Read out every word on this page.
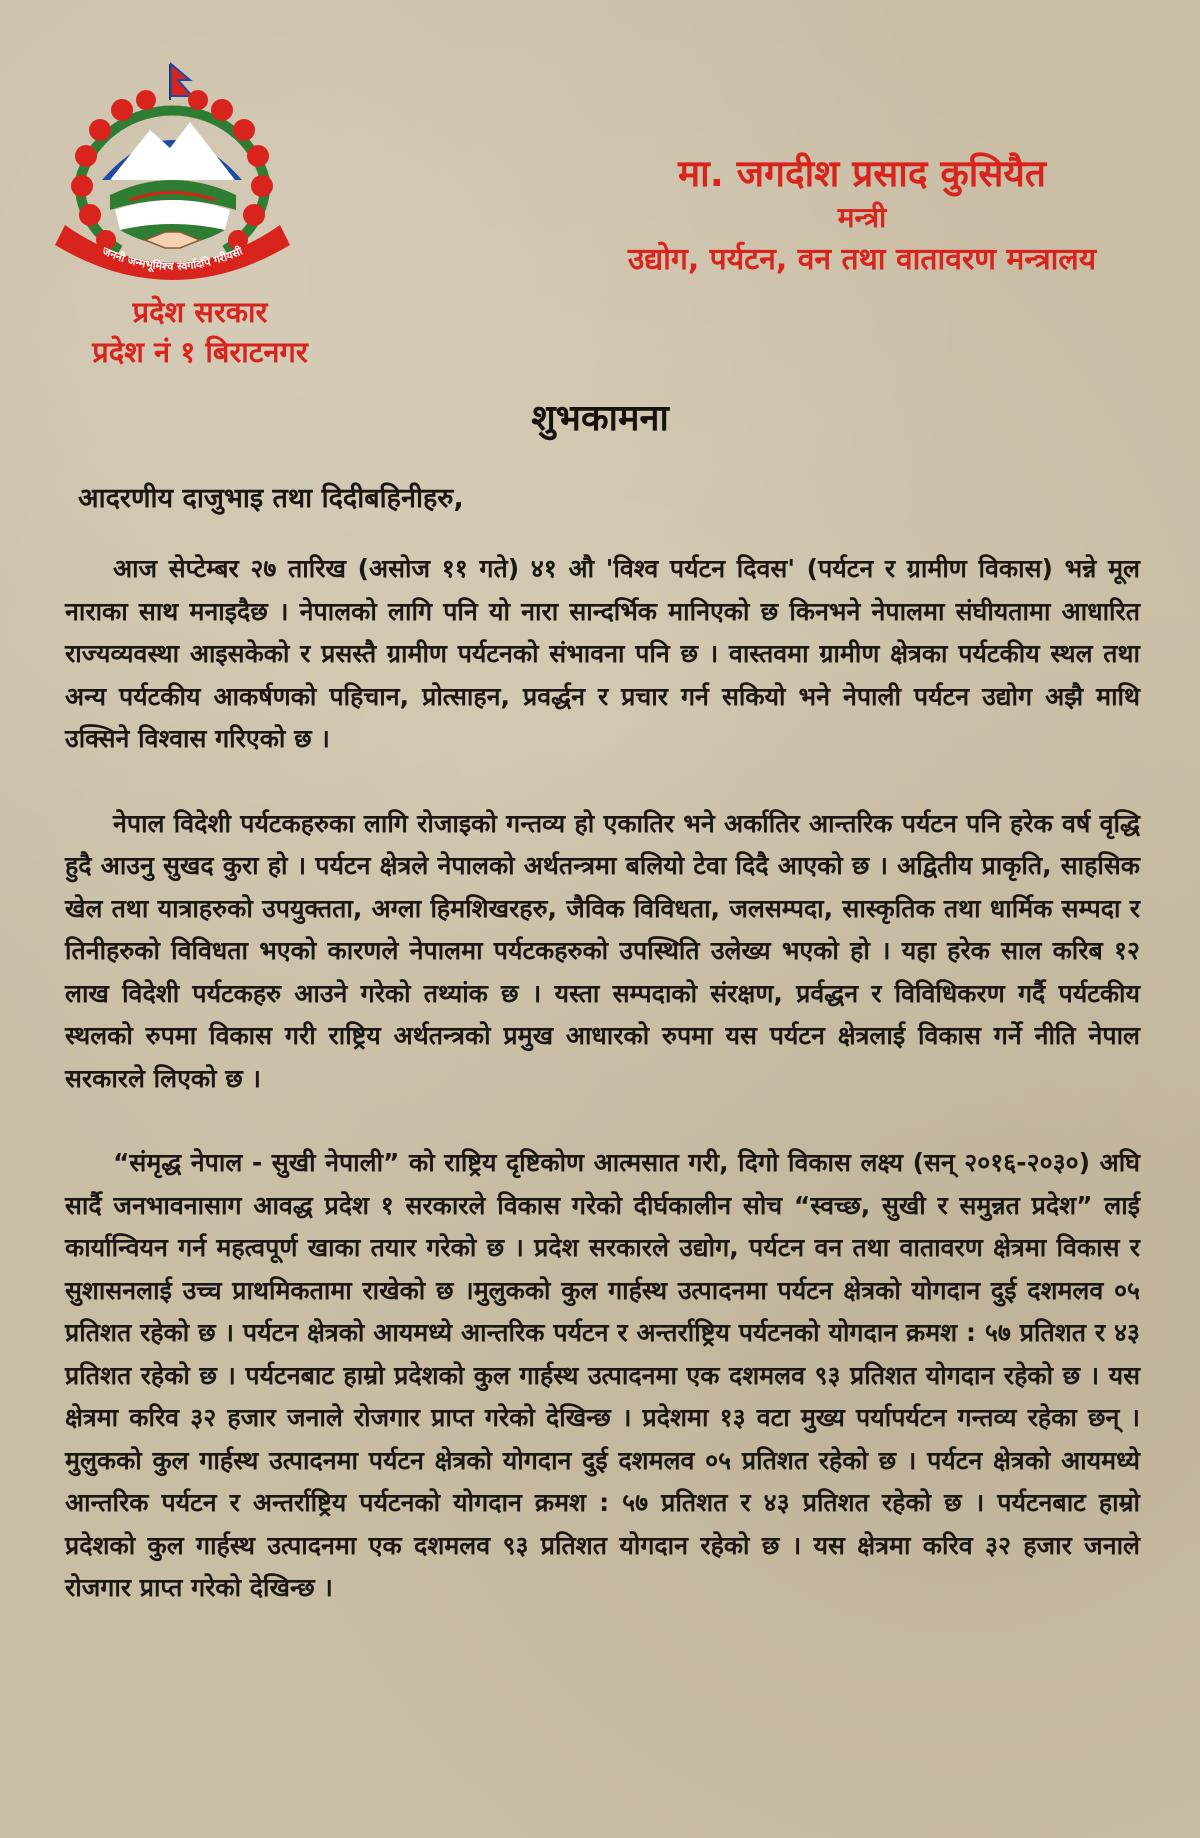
जननी जन्मभूमिश्च स्वर्गादपि गरीयसी
प्रदेश सरकार
प्रदेश नं १ बिराटनगर
मा. जगदीश प्रसाद कुसियैत
मन्त्री
उद्योग, पर्यटन, वन तथा वातावरण मन्त्रालय
शुभकामना
आदरणीय दाजुभाइ तथा दिदीबहिनीहरु,

आज सेप्टेम्बर २७ तारिख (असोज ११ गते) ४१ औ 'विश्व पर्यटन दिवस' (पर्यटन र ग्रामीण विकास) भन्ने मूल नाराका साथ मनाइदैछ । नेपालको लागि पनि यो नारा सान्दर्भिक मानिएको छ किनभने नेपालमा संघीयतामा आधारित राज्यव्यवस्था आइसकेको र प्रसस्तै ग्रामीण पर्यटनको संभावना पनि छ । वास्तवमा ग्रामीण क्षेत्रका पर्यटकीय स्थल तथा अन्य पर्यटकीय आकर्षणको पहिचान, प्रोत्साहन, प्रवर्द्धन र प्रचार गर्न सकियो भने नेपाली पर्यटन उद्योग अझै माथि उक्सिने विश्वास गरिएको छ ।

नेपाल विदेशी पर्यटकहरुका लागि रोजाइको गन्तव्य हो एकातिर भने अर्कातिर आन्तरिक पर्यटन पनि हरेक वर्ष वृद्धि हुदै आउनु सुखद कुरा हो । पर्यटन क्षेत्रले नेपालको अर्थतन्त्रमा बलियो टेवा दिदै आएको छ । अद्वितीय प्राकृति, साहसिक खेल तथा यात्राहरुको उपयुक्तता, अग्ला हिमशिखरहरु, जैविक विविधता, जलसम्पदा, सास्कृतिक तथा धार्मिक सम्पदा र तिनीहरुको विविधता भएको कारणले नेपालमा पर्यटकहरुको उपस्थिति उलेख्य भएको हो । यहा हरेक साल करिब १२ लाख विदेशी पर्यटकहरु आउने गरेको तथ्यांक छ । यस्ता सम्पदाको संरक्षण, प्रर्वद्धन र विविधिकरण गर्दै पर्यटकीय स्थलको रुपमा विकास गरी राष्ट्रिय अर्थतन्त्रको प्रमुख आधारको रुपमा यस पर्यटन क्षेत्रलाई विकास गर्ने नीति नेपाल सरकारले लिएको छ ।

“संमृद्ध नेपाल - सुखी नेपाली” को राष्ट्रिय दृष्टिकोण आत्मसात गरी, दिगो विकास लक्ष्य (सन् २०१६-२०३०) अघि सार्दै जनभावनासाग आवद्ध प्रदेश १ सरकारले विकास गरेको दीर्घकालीन सोच “स्वच्छ, सुखी र समुन्नत प्रदेश” लाई कार्यान्वियन गर्न महत्वपूर्ण खाका तयार गरेको छ । प्रदेश सरकारले उद्योग, पर्यटन वन तथा वातावरण क्षेत्रमा विकास र सुशासनलाई उच्च प्राथमिकतामा राखेको छ ।मुलुकको कुल गार्हस्थ उत्पादनमा पर्यटन क्षेत्रको योगदान दुई दशमलव ०५ प्रतिशत रहेको छ । पर्यटन क्षेत्रको आयमध्ये आन्तरिक पर्यटन र अन्तर्राष्ट्रिय पर्यटनको योगदान क्रमश : ५७ प्रतिशत र ४३ प्रतिशत रहेको छ । पर्यटनबाट हाम्रो प्रदेशको कुल गार्हस्थ उत्पादनमा एक दशमलव ९३ प्रतिशत योगदान रहेको छ । यस क्षेत्रमा करिव ३२ हजार जनाले रोजगार प्राप्त गरेको देखिन्छ । प्रदेशमा १३ वटा मुख्य पर्यापर्यटन गन्तव्य रहेका छन् । मुलुकको कुल गार्हस्थ उत्पादनमा पर्यटन क्षेत्रको योगदान दुई दशमलव ०५ प्रतिशत रहेको छ । पर्यटन क्षेत्रको आयमध्ये आन्तरिक पर्यटन र अन्तर्राष्ट्रिय पर्यटनको योगदान क्रमश : ५७ प्रतिशत र ४३ प्रतिशत रहेको छ । पर्यटनबाट हाम्रो प्रदेशको कुल गार्हस्थ उत्पादनमा एक दशमलव ९३ प्रतिशत योगदान रहेको छ । यस क्षेत्रमा करिव ३२ हजार जनाले रोजगार प्राप्त गरेको देखिन्छ ।
